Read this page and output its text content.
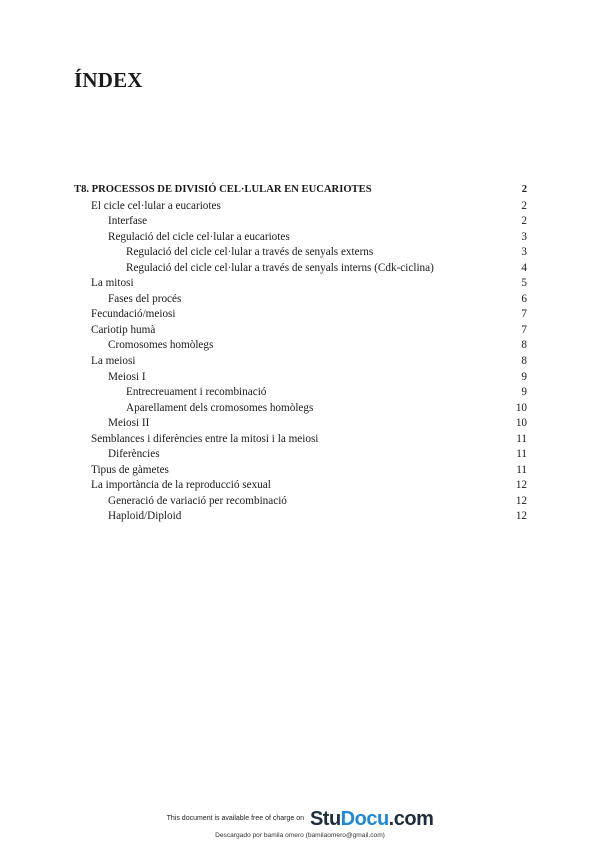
ÍNDEX
T8. PROCESSOS DE DIVISIÓ CEL·LULAR EN EUCARIOTES	2
El cicle cel·lular a eucariotes	2
Interfase	2
Regulació del cicle cel·lular a eucariotes	3
Regulació del cicle cel·lular a través de senyals externs	3
Regulació del cicle cel·lular a través de senyals interns (Cdk-ciclina)	4
La mitosi	5
Fases del procés	6
Fecundació/meiosi	7
Cariotip humà	7
Cromosomes homòlegs	8
La meiosi	8
Meiosi I	9
Entrecreuament i recombinació	9
Aparellament dels cromosomes homòlegs	10
Meiosi II	10
Semblances i diferències entre la mitosi i la meiosi	11
Diferències	11
Tipus de gàmetes	11
La importància de la reproducció sexual	12
Generació de variació per recombinació	12
Haploid/Diploid	12
This document is available free of charge on StuDocu.com
Descargado por bamila omero (bamilaomero@gmail.com)
